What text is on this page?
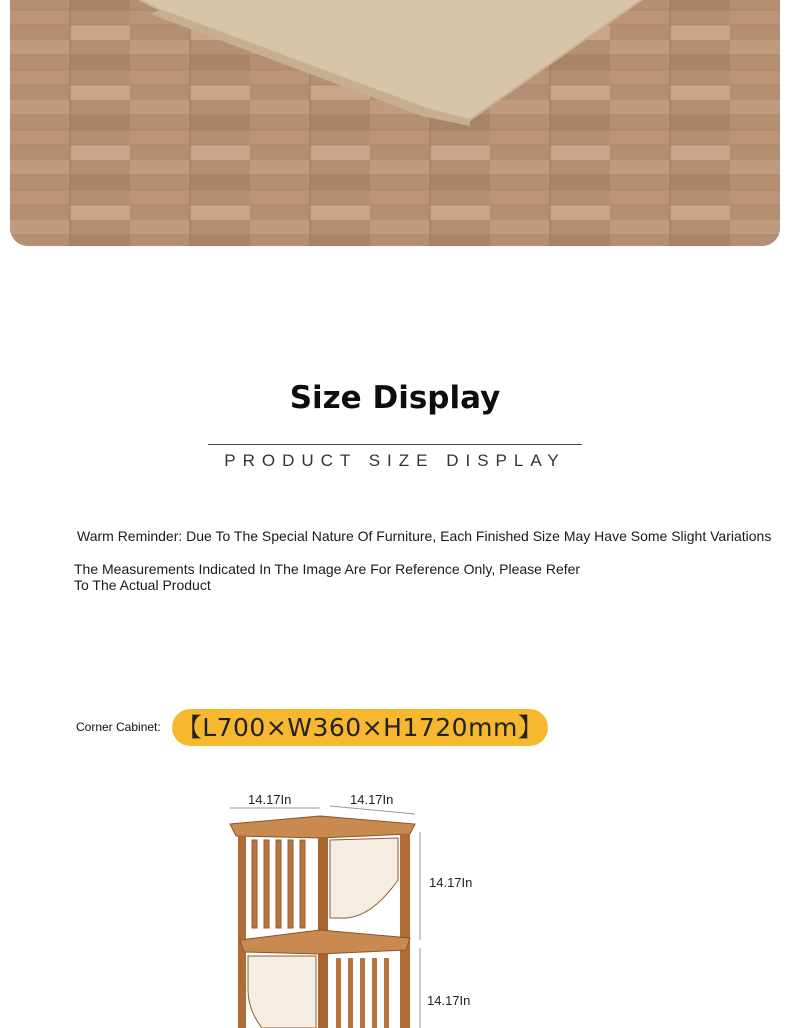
Size Display
PRODUCT SIZE DISPLAY
Warm Reminder: Due To The Special Nature Of Furniture, Each Finished Size May Have Some Slight Variations
The Measurements Indicated In The Image Are For Reference Only, Please Refer To The Actual Product
Corner Cabinet: 【L700×W360×H1720mm】
14.17In	14.17In
14.17In
14.17In
